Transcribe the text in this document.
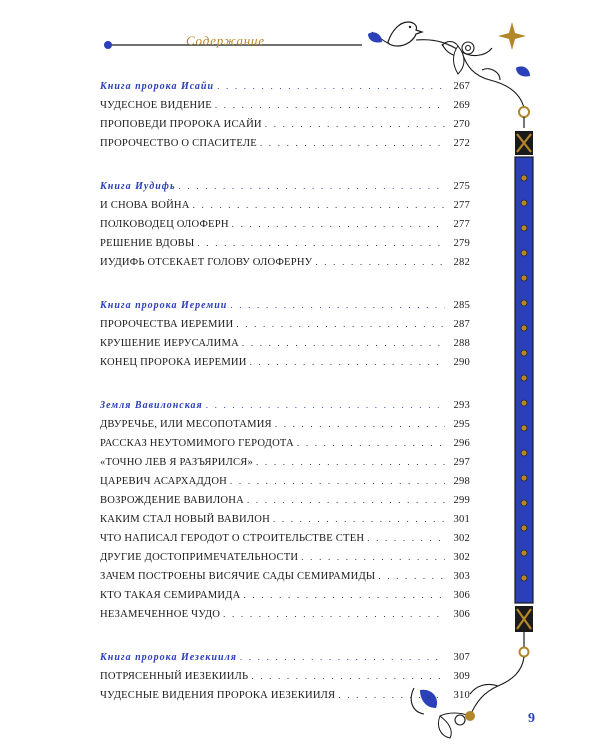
Содержание
Книга пророка Исайи . . .	267
ЧУДЕСНОЕ ВИДЕНИЕ . . .	269
ПРОПОВЕДИ ПРОРОКА ИСАЙИ . . .	270
ПРОРОЧЕСТВО О СПАСИТЕЛЕ . . .	272
Книга Иудифь . . .	275
И СНОВА ВОЙНА . . .	277
ПОЛКОВОДЕЦ ОЛОФЕРН . . .	277
РЕШЕНИЕ ВДОВЫ . . .	279
ИУДИФЬ ОТСЕКАЕТ ГОЛОВУ ОЛОФЕРНУ . . .	282
Книга пророка Иеремии . . .	285
ПРОРОЧЕСТВА ИЕРЕМИИ . . .	287
КРУШЕНИЕ ИЕРУСАЛИМА . . .	288
КОНЕЦ ПРОРОКА ИЕРЕМИИ . . .	290
Земля Вавилонская . . .	293
ДВУРЕЧЬЕ, ИЛИ МЕСОПОТАМИЯ . . .	295
РАССКАЗ НЕУТОМИМОГО ГЕРОДОТА . . .	296
«ТОЧНО ЛЕВ Я РАЗЪЯРИЛСЯ» . . .	297
ЦАРЕВИЧ АСАРХАДДОН . . .	298
ВОЗРОЖДЕНИЕ ВАВИЛОНА . . .	299
КАКИМ СТАЛ НОВЫЙ ВАВИЛОН . . .	301
ЧТО НАПИСАЛ ГЕРОДОТ О СТРОИТЕЛЬСТВЕ СТЕН . . .	302
ДРУГИЕ ДОСТОПРИМЕЧАТЕЛЬНОСТИ . . .	302
ЗАЧЕМ ПОСТРОЕНЫ ВИСЯЧИЕ САДЫ СЕМИРАМИДЫ . . .	303
КТО ТАКАЯ СЕМИРАМИДА . . .	306
НЕЗАМЕЧЕННОЕ ЧУДО . . .	306
Книга пророка Иезекииля . . .	307
ПОТРЯСЕННЫЙ ИЕЗЕКИИЛЬ . . .	309
ЧУДЕСНЫЕ ВИДЕНИЯ ПРОРОКА ИЕЗЕКИИЛЯ . . .	310
9
